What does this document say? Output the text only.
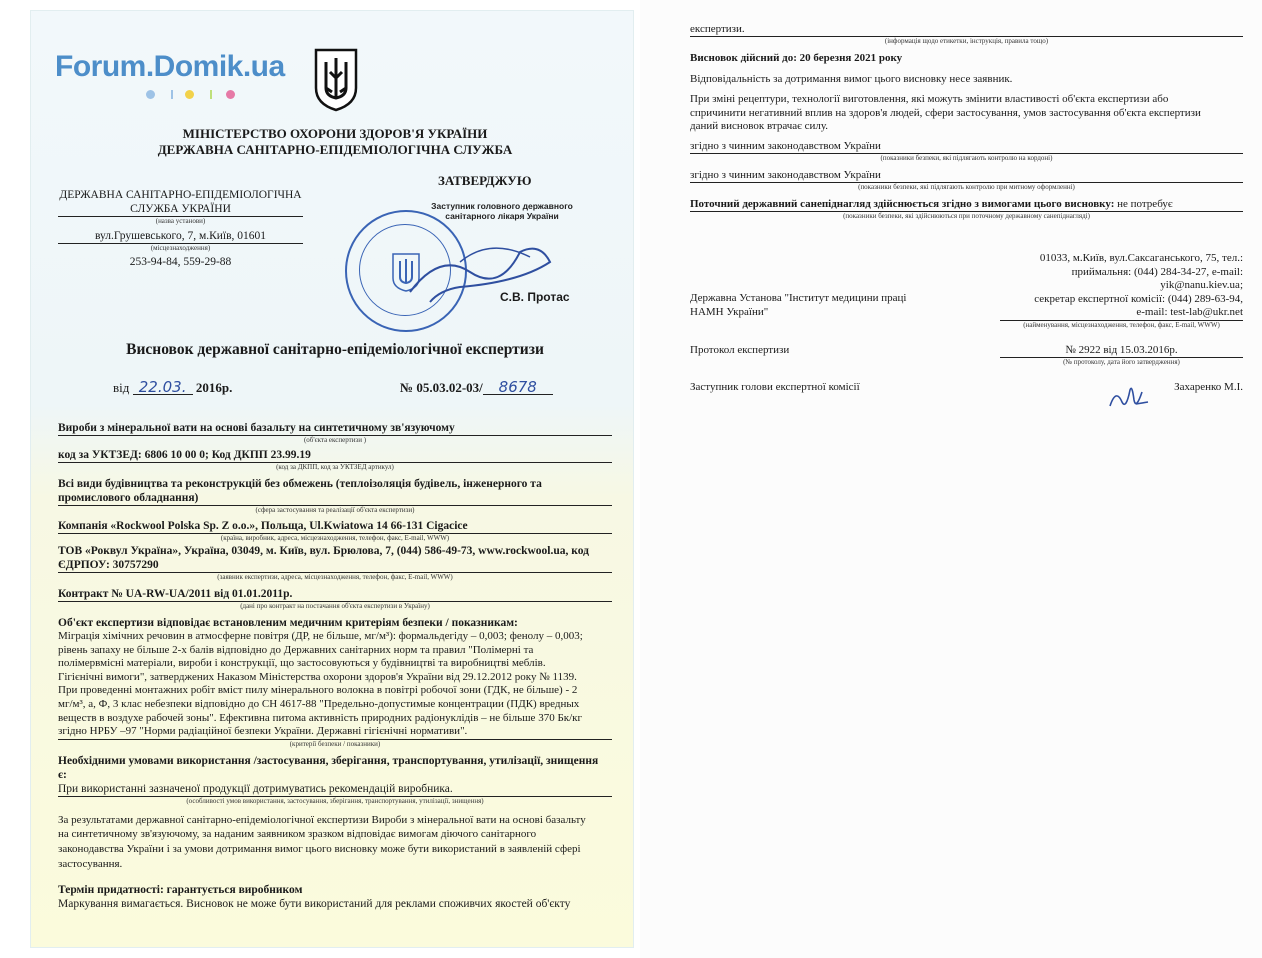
Forum.Domik.ua
МІНІСТЕРСТВО ОХОРОНИ ЗДОРОВ'Я УКРАЇНИ
ДЕРЖАВНА САНІТАРНО-ЕПІДЕМІОЛОГІЧНА СЛУЖБА
ДЕРЖАВНА САНІТАРНО-ЕПІДЕМІОЛОГІЧНА
СЛУЖБА УКРАЇНИ
(назва установи)
вул.Грушевського, 7, м.Київ, 01601
(місцезнаходження)
253-94-84, 559-29-88
ЗАТВЕРДЖУЮ
Заступник головного державного
санітарного лікаря України
С.В. Протас
Висновок державної санітарно-епідеміологічної експертизи
від 22.03. 2016р.	№ 05.03.02-03/ 8678
Вироби з мінеральної вати на основі базальту на синтетичному зв'язуючому
(об'єкта експертизи )
код за УКТЗЕД: 6806 10 00 0; Код ДКПП 23.99.19
(код за ДКПП, код за УКТЗЕД артикул)
Всі види будівництва та реконструкцій без обмежень (теплоізоляція будівель, інженерного та
промислового обладнання)
(сфера застосування та реалізації об'єкта експертизи)
Компанія «Rockwool Polska Sp. Z o.o.», Польща, Ul.Kwiatowa 14 66-131 Cigacice
(країна, виробник, адреса, місцезнаходження, телефон, факс, E-mail, WWW)
ТОВ «Роквул Україна», Україна, 03049, м. Київ, вул. Брюлова, 7, (044) 586-49-73, www.rockwool.ua, код
ЄДРПОУ: 30757290
(заявник експертизи, адреса, місцезнаходження, телефон, факс, E-mail, WWW)
Контракт № UA-RW-UA/2011 від 01.01.2011р.
(дані про контракт на постачання об'єкта експертизи в Україну)
Об'єкт експертизи відповідає встановленим медичним критеріям безпеки / показникам:
Міграція хімічних речовин в атмосферне повітря (ДР, не більше, мг/м³): формальдегіду – 0,003; фенолу – 0,003;
рівень запаху не більше 2-х балів відповідно до Державних санітарних норм та правил "Полімерні та
полімервмісні матеріали, вироби і конструкції, що застосовуються у будівництві та виробництві меблів.
Гігієнічні вимоги", затверджених Наказом Міністерства охорони здоров'я України від 29.12.2012 року № 1139.
При проведенні монтажних робіт вміст пилу мінерального волокна в повітрі робочої зони (ГДК, не більше) - 2
мг/м³, а, Ф, 3 клас небезпеки відповідно до СН 4617-88 "Предельно-допустимые концентрации (ПДК) вредных
веществ в воздухе рабочей зоны". Ефективна питома активність природних радіонуклідів – не більше 370 Бк/кг
згідно НРБУ –97 "Норми радіаційної безпеки України. Державні гігієнічні нормативи".
(критерії безпеки / показники)
Необхідними умовами використання /застосування, зберігання, транспортування, утилізації, знищення
є:
При використанні зазначеної продукції дотримуватись рекомендацій виробника.
(особливості умов використання, застосування, зберігання, транспортування, утилізації, знищення)
За результатами державної санітарно-епідеміологічної експертизи Вироби з мінеральної вати на основі базальту
на синтетичному зв'язуючому, за наданим заявником зразком відповідає вимогам діючого санітарного
законодавства України і за умови дотримання вимог цього висновку може бути використаний в заявленій сфері
застосування.
Термін придатності: гарантується виробником
Маркування вимагається. Висновок не може бути використаний для реклами споживчих якостей об'єкту
експертизи.
(інформація щодо етикетки, інструкція, правила тощо)
Висновок дійсний до: 20 березня 2021 року
Відповідальність за дотримання вимог цього висновку несе заявник.
При зміні рецептури, технології виготовлення, які можуть змінити властивості об'єкта експертизи або
спричинити негативний вплив на здоров'я людей, сфери застосування, умов застосування об'єкта експертизи
даний висновок втрачає силу.
згідно з чинним законодавством України
(показники безпеки, які підлягають контролю на кордоні)
згідно з чинним законодавством України
(показники безпеки, які підлягають контролю при митному оформленні)
Поточний державний санепіднагляд здійснюється згідно з вимогами цього висновку: не потребує
(показники безпеки, які здійснюються при поточному державному санепіднагляді)
Державна Установа "Інститут медицини праці
НАМН України"
01033, м.Київ, вул.Саксаганського, 75, тел.:
приймальня: (044) 284-34-27, e-mail:
yik@nanu.kiev.ua;
секретар експертної комісії: (044) 289-63-94,
e-mail: test-lab@ukr.net
(найменування, місцезнаходження, телефон, факс, E-mail, WWW)
Протокол експертизи	№ 2922 від 15.03.2016р.
(№ протоколу, дата його затвердження)
Заступник голови експертної комісії	Захаренко М.І.
